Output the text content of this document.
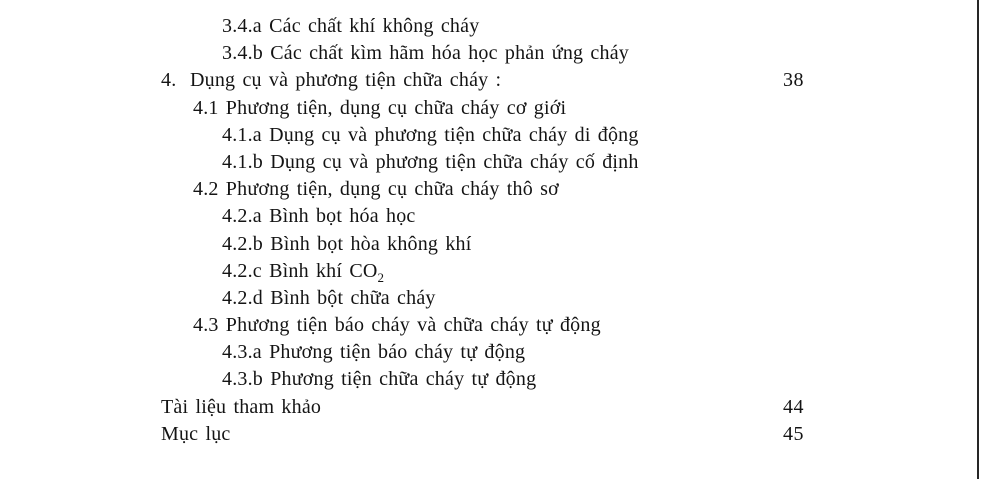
3.4.a Các chất khí không cháy
3.4.b Các chất kìm hãm hóa học phản ứng cháy
4. Dụng cụ và phương tiện chữa cháy :	38
4.1 Phương tiện, dụng cụ chữa cháy cơ giới
4.1.a Dụng cụ và phương tiện chữa cháy di động
4.1.b Dụng cụ và phương tiện chữa cháy cố định
4.2 Phương tiện, dụng cụ chữa cháy thô sơ
4.2.a Bình bọt hóa học
4.2.b Bình bọt hòa không khí
4.2.c Bình khí $CO_2$
4.2.d Bình bột chữa cháy
4.3 Phương tiện báo cháy và chữa cháy tự động
4.3.a Phương tiện báo cháy tự động
4.3.b Phương tiện chữa cháy tự động
Tài liệu tham khảo	44
Mục lục	45
